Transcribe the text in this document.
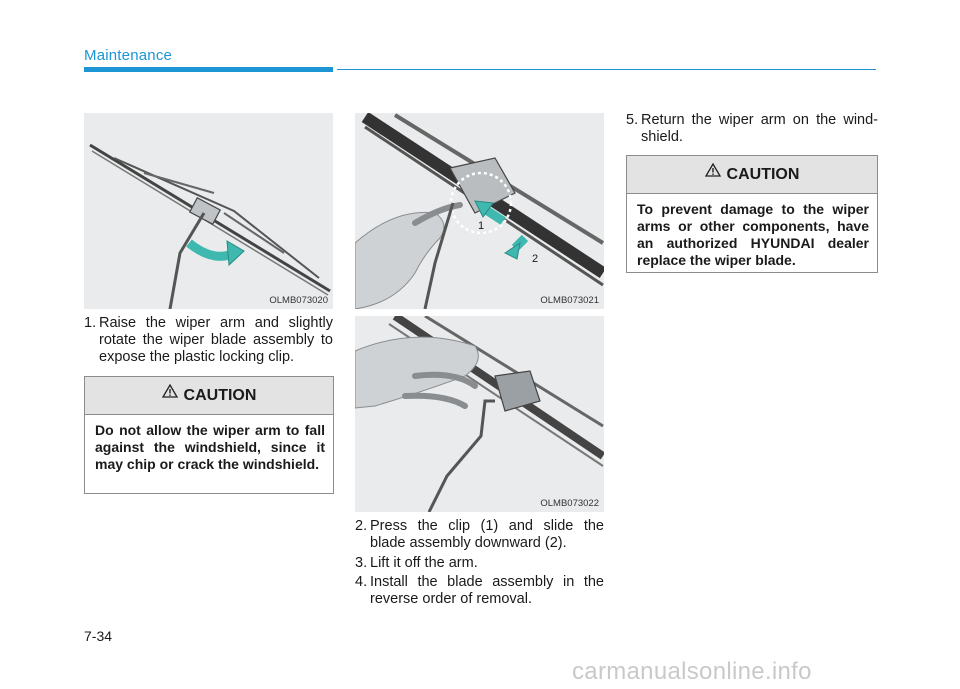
Maintenance
OLMB073020
1
2
OLMB073021
OLMB073022
1. Raise the wiper arm and slightly rotate the wiper blade assembly to expose the plastic locking clip.
CAUTION
Do not allow the wiper arm to fall against the windshield, since it may chip or crack the windshield.
2. Press the clip (1) and slide the blade assembly downward (2).
3. Lift it off the arm.
4. Install the blade assembly in the reverse order of removal.
5. Return the wiper arm on the wind-shield.
CAUTION
To prevent damage to the wiper arms or other components, have an authorized HYUNDAI dealer replace the wiper blade.
7-34
carmanualsonline.info
